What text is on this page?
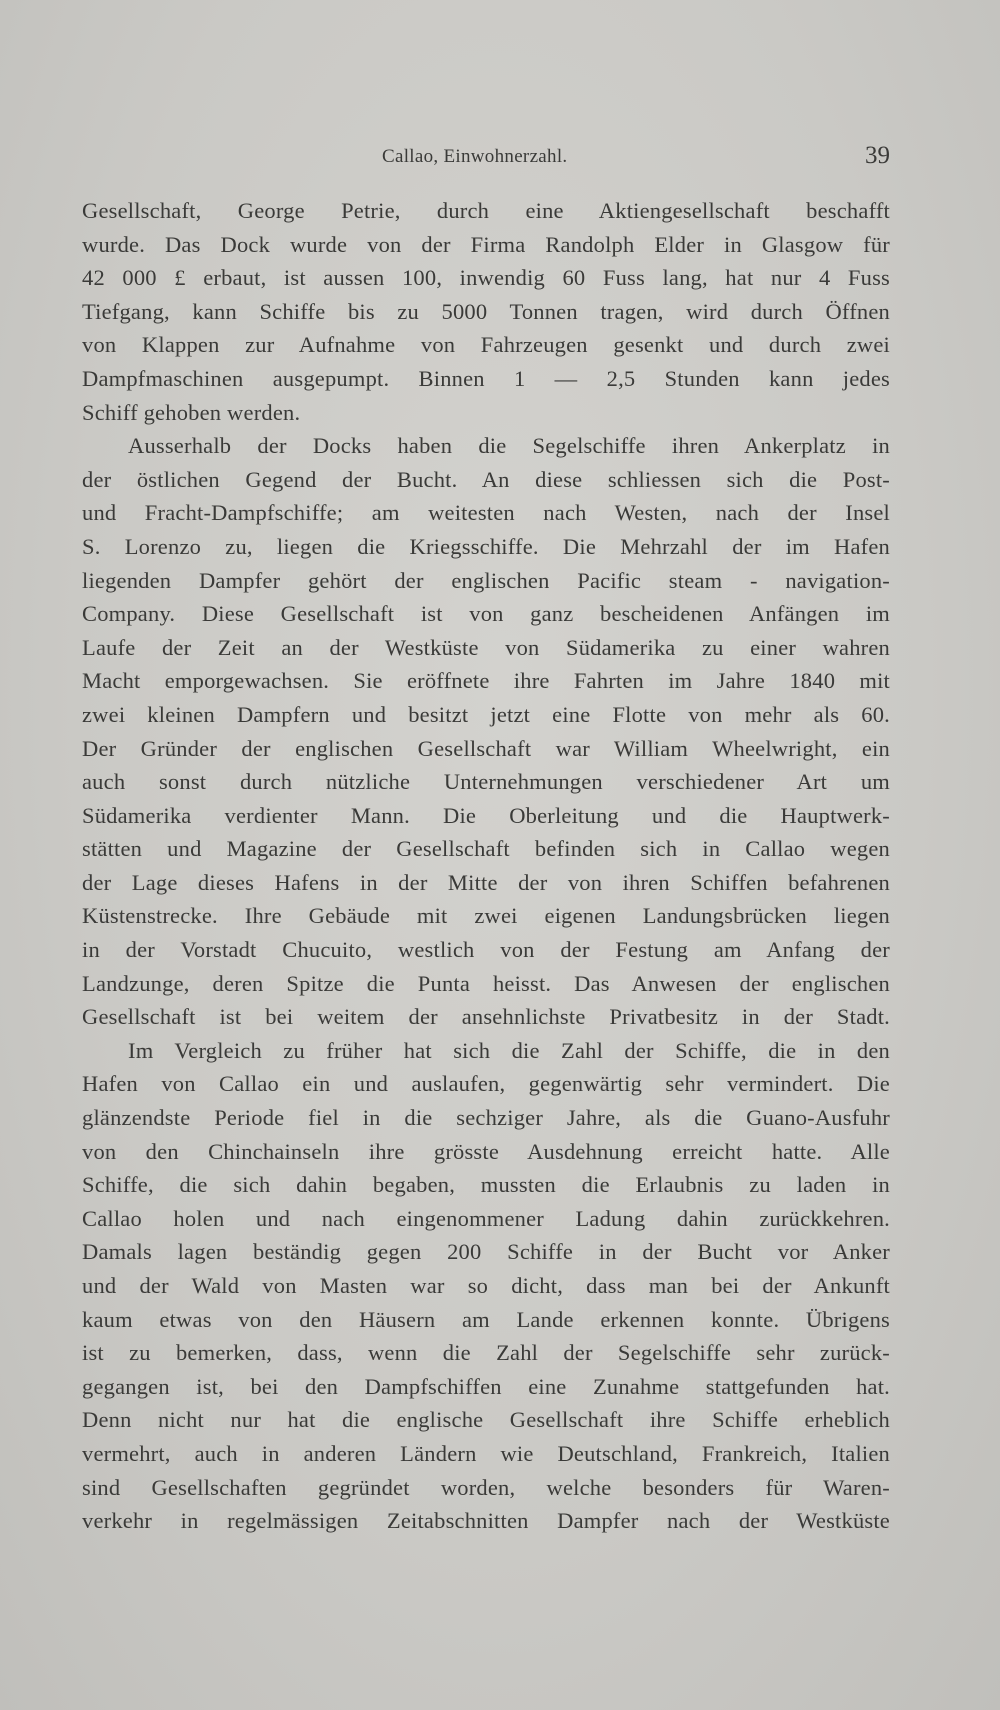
Callao, Einwohnerzahl.	39
Gesellschaft, George Petrie, durch eine Aktiengesellschaft beschafft
wurde. Das Dock wurde von der Firma Randolph Elder in Glasgow für
42 000 £ erbaut, ist aussen 100, inwendig 60 Fuss lang, hat nur 4 Fuss
Tiefgang, kann Schiffe bis zu 5000 Tonnen tragen, wird durch Öffnen
von Klappen zur Aufnahme von Fahrzeugen gesenkt und durch zwei
Dampfmaschinen ausgepumpt. Binnen 1 — 2,5 Stunden kann jedes
Schiff gehoben werden.
Ausserhalb der Docks haben die Segelschiffe ihren Ankerplatz in
der östlichen Gegend der Bucht. An diese schliessen sich die Post-
und Fracht-Dampfschiffe; am weitesten nach Westen, nach der Insel
S. Lorenzo zu, liegen die Kriegsschiffe. Die Mehrzahl der im Hafen
liegenden Dampfer gehört der englischen Pacific steam - navigation-
Company. Diese Gesellschaft ist von ganz bescheidenen Anfängen im
Laufe der Zeit an der Westküste von Südamerika zu einer wahren
Macht emporgewachsen. Sie eröffnete ihre Fahrten im Jahre 1840 mit
zwei kleinen Dampfern und besitzt jetzt eine Flotte von mehr als 60.
Der Gründer der englischen Gesellschaft war William Wheelwright, ein
auch sonst durch nützliche Unternehmungen verschiedener Art um
Südamerika verdienter Mann. Die Oberleitung und die Hauptwerk-
stätten und Magazine der Gesellschaft befinden sich in Callao wegen
der Lage dieses Hafens in der Mitte der von ihren Schiffen befahrenen
Küstenstrecke. Ihre Gebäude mit zwei eigenen Landungsbrücken liegen
in der Vorstadt Chucuito, westlich von der Festung am Anfang der
Landzunge, deren Spitze die Punta heisst. Das Anwesen der englischen
Gesellschaft ist bei weitem der ansehnlichste Privatbesitz in der Stadt.
Im Vergleich zu früher hat sich die Zahl der Schiffe, die in den
Hafen von Callao ein und auslaufen, gegenwärtig sehr vermindert. Die
glänzendste Periode fiel in die sechziger Jahre, als die Guano-Ausfuhr
von den Chinchainseln ihre grösste Ausdehnung erreicht hatte. Alle
Schiffe, die sich dahin begaben, mussten die Erlaubnis zu laden in
Callao holen und nach eingenommener Ladung dahin zurückkehren.
Damals lagen beständig gegen 200 Schiffe in der Bucht vor Anker
und der Wald von Masten war so dicht, dass man bei der Ankunft
kaum etwas von den Häusern am Lande erkennen konnte. Übrigens
ist zu bemerken, dass, wenn die Zahl der Segelschiffe sehr zurück-
gegangen ist, bei den Dampfschiffen eine Zunahme stattgefunden hat.
Denn nicht nur hat die englische Gesellschaft ihre Schiffe erheblich
vermehrt, auch in anderen Ländern wie Deutschland, Frankreich, Italien
sind Gesellschaften gegründet worden, welche besonders für Waren-
verkehr in regelmässigen Zeitabschnitten Dampfer nach der Westküste
